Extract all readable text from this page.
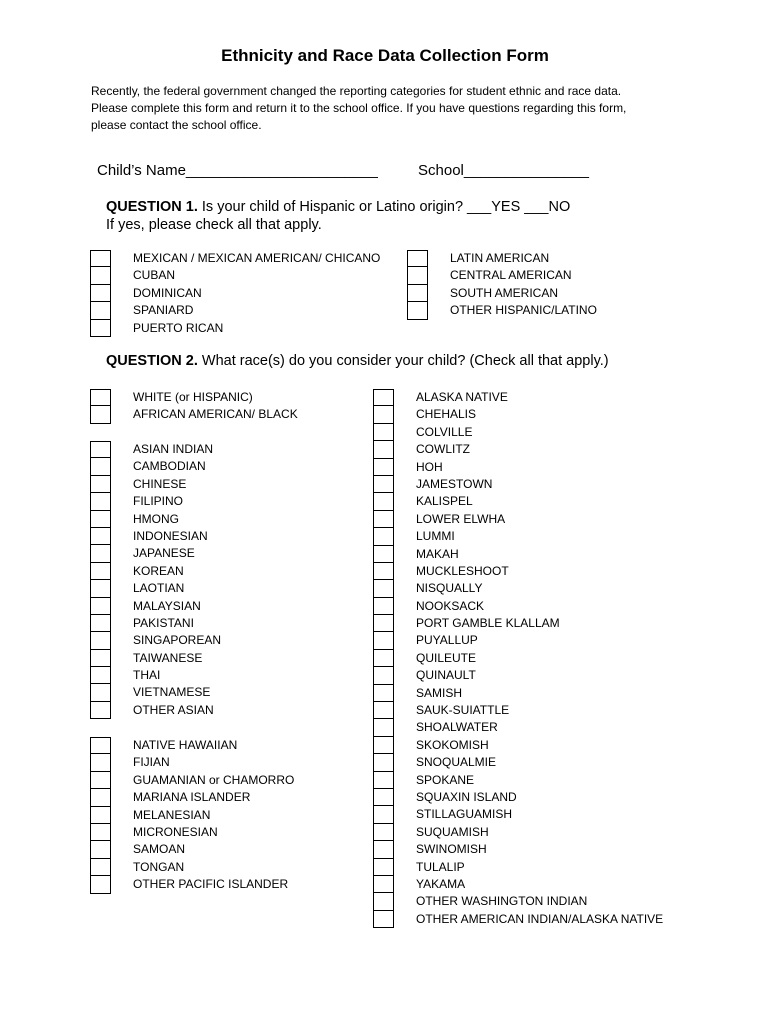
Ethnicity and Race Data Collection Form
Recently, the federal government changed the reporting categories for student ethnic and race data.
Please complete this form and return it to the school office. If you have questions regarding this form,
please contact the school office.
Child’s Name_______________________	School_______________
QUESTION 1. Is your child of Hispanic or Latino origin? ___YES ___NO
If yes, please check all that apply.
MEXICAN / MEXICAN AMERICAN/ CHICANO
CUBAN
DOMINICAN
SPANIARD
PUERTO RICAN
LATIN AMERICAN
CENTRAL AMERICAN
SOUTH AMERICAN
OTHER HISPANIC/LATINO
QUESTION 2. What race(s) do you consider your child? (Check all that apply.)
WHITE (or HISPANIC)
AFRICAN AMERICAN/ BLACK
ASIAN INDIAN
CAMBODIAN
CHINESE
FILIPINO
HMONG
INDONESIAN
JAPANESE
KOREAN
LAOTIAN
MALAYSIAN
PAKISTANI
SINGAPOREAN
TAIWANESE
THAI
VIETNAMESE
OTHER ASIAN
NATIVE HAWAIIAN
FIJIAN
GUAMANIAN or CHAMORRO
MARIANA ISLANDER
MELANESIAN
MICRONESIAN
SAMOAN
TONGAN
OTHER PACIFIC ISLANDER
ALASKA NATIVE
CHEHALIS
COLVILLE
COWLITZ
HOH
JAMESTOWN
KALISPEL
LOWER ELWHA
LUMMI
MAKAH
MUCKLESHOOT
NISQUALLY
NOOKSACK
PORT GAMBLE KLALLAM
PUYALLUP
QUILEUTE
QUINAULT
SAMISH
SAUK-SUIATTLE
SHOALWATER
SKOKOMISH
SNOQUALMIE
SPOKANE
SQUAXIN ISLAND
STILLAGUAMISH
SUQUAMISH
SWINOMISH
TULALIP
YAKAMA
OTHER WASHINGTON INDIAN
OTHER AMERICAN INDIAN/ALASKA NATIVE
